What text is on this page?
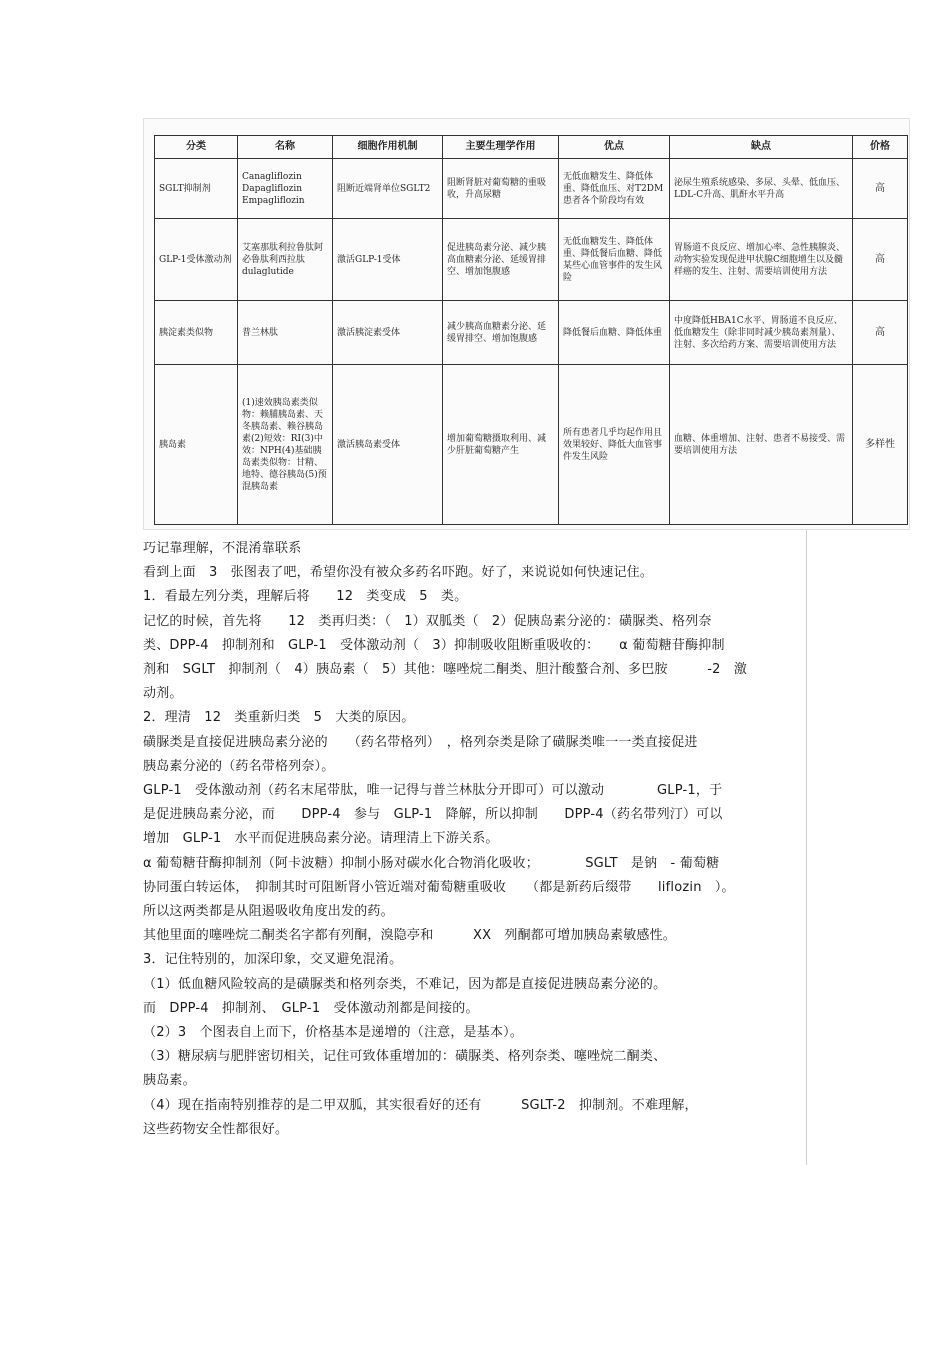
分类	名称	细胞作用机制	主要生理学作用	优点	缺点	价格
SGLT抑制剂	Canagliflozin Dapagliflozin Empagliflozin	阻断近端肾单位SGLT2	阻断肾脏对葡萄糖的重吸收，升高尿糖	无低血糖发生、降低体重、降低血压、对T2DM患者各个阶段均有效	泌尿生殖系统感染、多尿、头晕、低血压、LDL-C升高、肌酐水平升高	高
GLP-1受体激动剂	艾塞那肽利拉鲁肽阿必鲁肽利西拉肽 dulaglutide	激活GLP-1受体	促进胰岛素分泌、减少胰高血糖素分泌、延缓胃排空、增加饱腹感	无低血糖发生、降低体重、降低餐后血糖、降低某些心血管事件的发生风险	胃肠道不良反应、增加心率、急性胰腺炎、动物实验发现促进甲状腺C细胞增生以及髓样癌的发生、注射、需要培训使用方法	高
胰淀素类似物	普兰林肽	激活胰淀素受体	减少胰高血糖素分泌、延缓胃排空、增加饱腹感	降低餐后血糖、降低体重	中度降低HBA1C水平、胃肠道不良反应、低血糖发生（除非同时减少胰岛素剂量）、注射、多次给药方案、需要培训使用方法	高
胰岛素	(1)速效胰岛素类似物：赖脯胰岛素、天冬胰岛素、赖谷胰岛素(2)短效：RI(3)中效：NPH(4)基础胰岛素类似物：甘精、地特、德谷胰岛(5)预混胰岛素	激活胰岛素受体	增加葡萄糖摄取利用、减少肝脏葡萄糖产生	所有患者几乎均起作用且效果较好、降低大血管事件发生风险	血糖、体重增加、注射、患者不易接受、需要培训使用方法	多样性

巧记靠理解，不混淆靠联系

看到上面　3　张图表了吧，希望你没有被众多药名吓跑。好了，来说说如何快速记住。

1．看最左列分类，理解后将　　12　类变成　5　类。

记忆的时候，首先将　　12　类再归类：（　1）双胍类（　2）促胰岛素分泌的：磺脲类、格列奈

类、DPP-4　抑制剂和　GLP-1　受体激动剂（　3）抑制吸收阻断重吸收的：　　α 葡萄糖苷酶抑制

剂和　SGLT　抑制剂（　4）胰岛素（　5）其他：噻唑烷二酮类、胆汁酸螯合剂、多巴胺　　　-2　激

动剂。

2．理清　12　类重新归类　5　大类的原因。

磺脲类是直接促进胰岛素分泌的　　（药名带格列）　，格列奈类是除了磺脲类唯一一类直接促进

胰岛素分泌的（药名带格列奈）。

GLP-1　受体激动剂（药名末尾带肽，唯一记得与普兰林肽分开即可）可以激动　　　　GLP-1，于

是促进胰岛素分泌，而　　DPP-4　参与　GLP-1　降解，所以抑制　　DPP-4（药名带列汀）可以

增加　GLP-1　水平而促进胰岛素分泌。请理清上下游关系。

α 葡萄糖苷酶抑制剂（阿卡波糖）抑制小肠对碳水化合物消化吸收；　　　　SGLT　是钠　- 葡萄糖

协同蛋白转运体，　抑制其时可阻断肾小管近端对葡萄糖重吸收　　（都是新药后缀带　　liflozin　）。

所以这两类都是从阻遏吸收角度出发的药。

其他里面的噻唑烷二酮类名字都有列酮，溴隐亭和　　　XX　列酮都可增加胰岛素敏感性。

3．记住特别的，加深印象，交叉避免混淆。

（1）低血糖风险较高的是磺脲类和格列奈类，不难记，因为都是直接促进胰岛素分泌的。

而　DPP-4　抑制剂、　GLP-1　受体激动剂都是间接的。

（2）3　个图表自上而下，价格基本是递增的（注意，是基本）。

（3）糖尿病与肥胖密切相关，记住可致体重增加的：磺脲类、格列奈类、噻唑烷二酮类、

胰岛素。

（4）现在指南特别推荐的是二甲双胍，其实很看好的还有　　　SGLT-2　抑制剂。不难理解，

这些药物安全性都很好。
